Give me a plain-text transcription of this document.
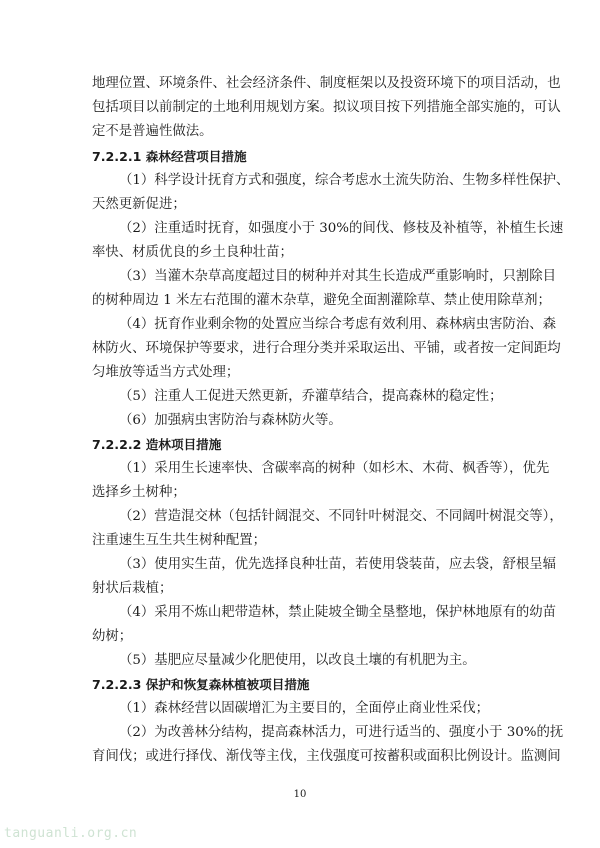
地理位置、环境条件、社会经济条件、制度框架以及投资环境下的项目活动，也
包括项目以前制定的土地利用规划方案。拟议项目按下列措施全部实施的，可认
定不是普遍性做法。

7.2.2.1 森林经营项目措施

（1）科学设计抚育方式和强度，综合考虑水土流失防治、生物多样性保护、
天然更新促进；

（2）注重适时抚育，如强度小于 30%的间伐、修枝及补植等，补植生长速
率快、材质优良的乡土良种壮苗；

（3）当灌木杂草高度超过目的树种并对其生长造成严重影响时，只割除目
的树种周边 1 米左右范围的灌木杂草，避免全面割灌除草、禁止使用除草剂；

（4）抚育作业剩余物的处置应当综合考虑有效利用、森林病虫害防治、森
林防火、环境保护等要求，进行合理分类并采取运出、平铺，或者按一定间距均
匀堆放等适当方式处理；

（5）注重人工促进天然更新，乔灌草结合，提高森林的稳定性；

（6）加强病虫害防治与森林防火等。

7.2.2.2 造林项目措施

（1）采用生长速率快、含碳率高的树种（如杉木、木荷、枫香等），优先
选择乡土树种；

（2）营造混交林（包括针阔混交、不同针叶树混交、不同阔叶树混交等），
注重速生互生共生树种配置；

（3）使用实生苗，优先选择良种壮苗，若使用袋装苗，应去袋，舒根呈辐
射状后栽植；

（4）采用不炼山耙带造林，禁止陡坡全锄全垦整地，保护林地原有的幼苗
幼树；

（5）基肥应尽量减少化肥使用，以改良土壤的有机肥为主。

7.2.2.3 保护和恢复森林植被项目措施

（1）森林经营以固碳增汇为主要目的，全面停止商业性采伐；

（2）为改善林分结构，提高森林活力，可进行适当的、强度小于 30%的抚
育间伐；或进行择伐、渐伐等主伐，主伐强度可按蓄积或面积比例设计。监测间

10
tanguanli.org.cn
